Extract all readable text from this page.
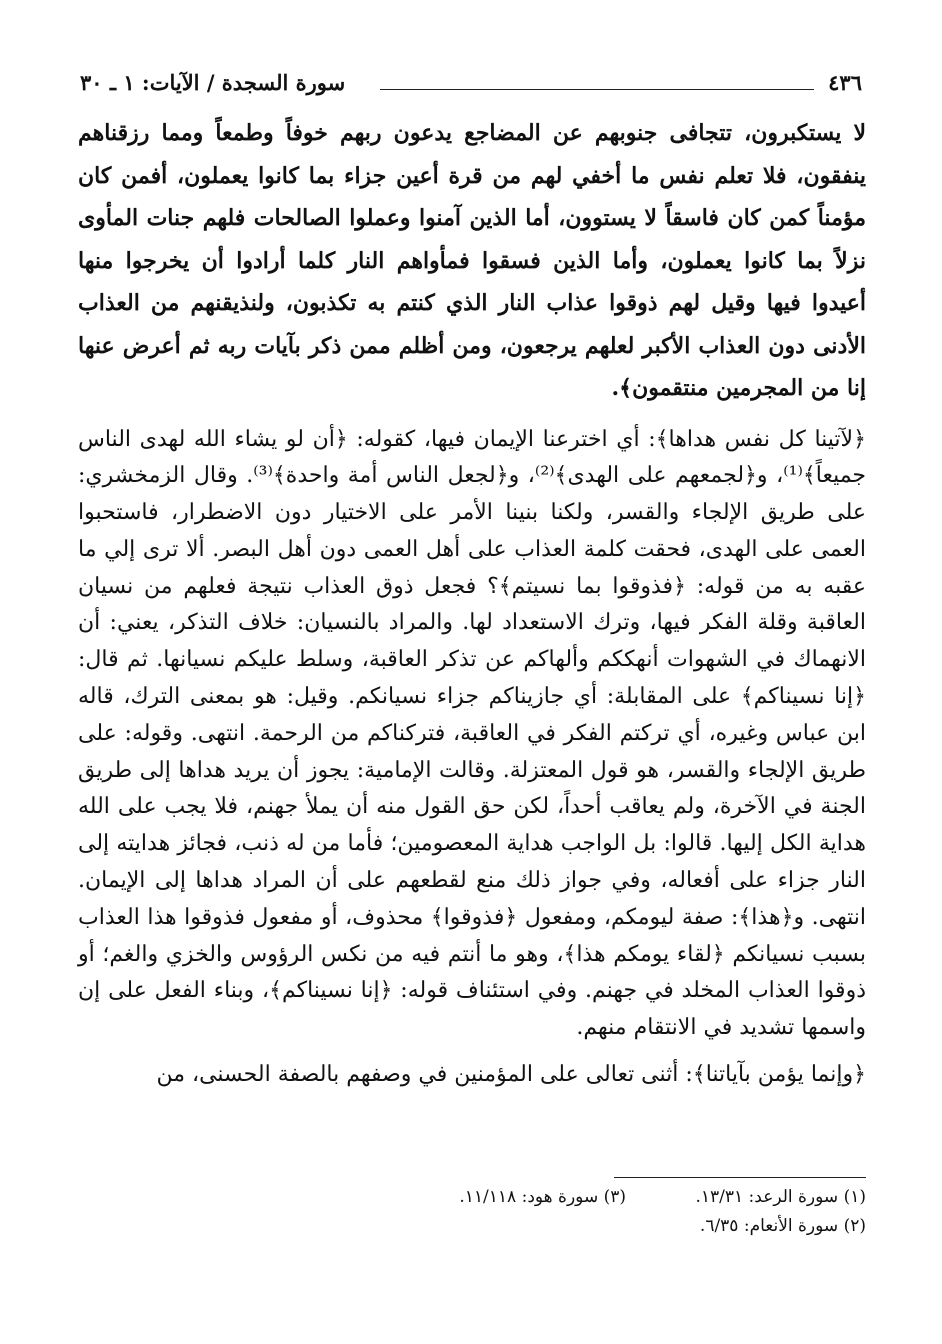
٤٣٦
سورة السجدة / الآيات: ١ ـ ٣٠

لا يستكبرون، تتجافى جنوبهم عن المضاجع يدعون ربهم خوفاً وطمعاً ومما رزقناهم ينفقون، فلا تعلم نفس ما أخفي لهم من قرة أعين جزاء بما كانوا يعملون، أفمن كان مؤمناً كمن كان فاسقاً لا يستوون، أما الذين آمنوا وعملوا الصالحات فلهم جنات المأوى نزلاً بما كانوا يعملون، وأما الذين فسقوا فمأواهم النار كلما أرادوا أن يخرجوا منها أعيدوا فيها وقيل لهم ذوقوا عذاب النار الذي كنتم به تكذبون، ولنذيقنهم من العذاب الأدنى دون العذاب الأكبر لعلهم يرجعون، ومن أظلم ممن ذكر بآيات ربه ثم أعرض عنها إنا من المجرمين منتقمون﴾.

﴿لآتينا كل نفس هداها﴾: أي اخترعنا الإيمان فيها، كقوله: ﴿أن لو يشاء الله لهدى الناس جميعاً﴾⁽¹⁾، و﴿لجمعهم على الهدى﴾⁽²⁾، و﴿لجعل الناس أمة واحدة﴾⁽³⁾. وقال الزمخشري: على طريق الإلجاء والقسر، ولكنا بنينا الأمر على الاختيار دون الاضطرار، فاستحبوا العمى على الهدى، فحقت كلمة العذاب على أهل العمى دون أهل البصر. ألا ترى إلي ما عقبه به من قوله: ﴿فذوقوا بما نسيتم﴾؟ فجعل ذوق العذاب نتيجة فعلهم من نسيان العاقبة وقلة الفكر فيها، وترك الاستعداد لها. والمراد بالنسيان: خلاف التذكر، يعني: أن الانهماك في الشهوات أنهككم وألهاكم عن تذكر العاقبة، وسلط عليكم نسيانها. ثم قال: ﴿إنا نسيناكم﴾ على المقابلة: أي جازيناكم جزاء نسيانكم. وقيل: هو بمعنى الترك، قاله ابن عباس وغيره، أي تركتم الفكر في العاقبة، فتركناكم من الرحمة. انتهى. وقوله: على طريق الإلجاء والقسر، هو قول المعتزلة. وقالت الإمامية: يجوز أن يريد هداها إلى طريق الجنة في الآخرة، ولم يعاقب أحداً، لكن حق القول منه أن يملأ جهنم، فلا يجب على الله هداية الكل إليها. قالوا: بل الواجب هداية المعصومين؛ فأما من له ذنب، فجائز هدايته إلى النار جزاء على أفعاله، وفي جواز ذلك منع لقطعهم على أن المراد هداها إلى الإيمان. انتهى. و﴿هذا﴾: صفة ليومكم، ومفعول ﴿فذوقوا﴾ محذوف، أو مفعول فذوقوا هذا العذاب بسبب نسيانكم ﴿لقاء يومكم هذا﴾، وهو ما أنتم فيه من نكس الرؤوس والخزي والغم؛ أو ذوقوا العذاب المخلد في جهنم. وفي استئناف قوله: ﴿إنا نسيناكم﴾، وبناء الفعل على إن واسمها تشديد في الانتقام منهم.

﴿وإنما يؤمن بآياتنا﴾: أثنى تعالى على المؤمنين في وصفهم بالصفة الحسنى، من

(١) سورة الرعد: ١٣/٣١.
(٣) سورة هود: ١١/١١٨.
(٢) سورة الأنعام: ٦/٣٥.
